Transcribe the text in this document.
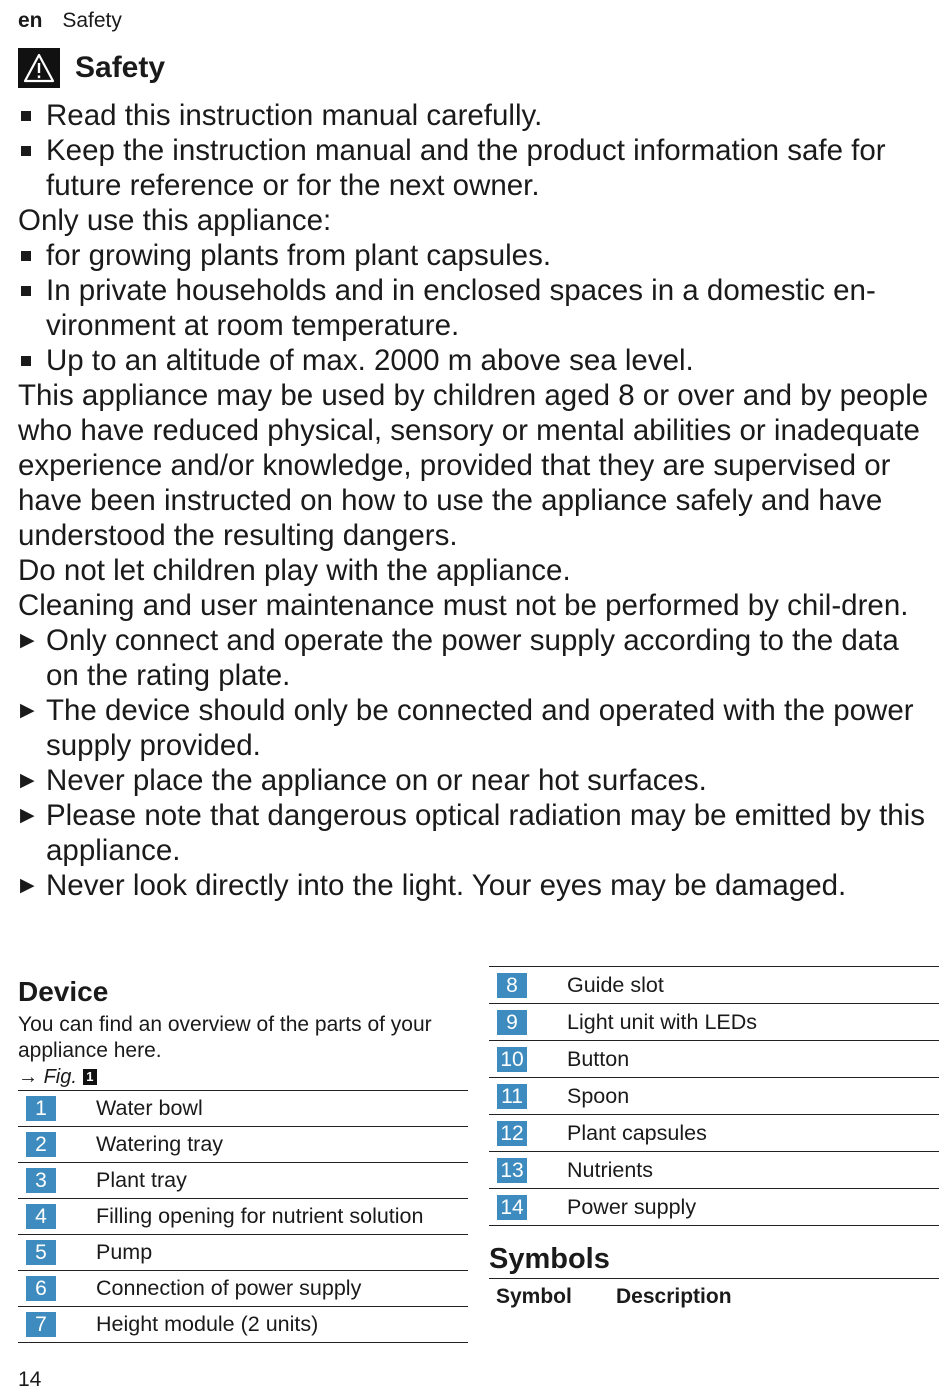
en Safety
Safety
Read this instruction manual carefully.
Keep the instruction manual and the product information safe for future reference or for the next owner.

Only use this appliance:

for growing plants from plant capsules.
In private households and in enclosed spaces in a domestic en-vironment at room temperature.
Up to an altitude of max. 2000 m above sea level.

This appliance may be used by children aged 8 or over and by people who have reduced physical, sensory or mental abilities or inadequate experience and/or knowledge, provided that they are supervised or have been instructed on how to use the appliance safely and have understood the resulting dangers.

Do not let children play with the appliance.

Cleaning and user maintenance must not be performed by chil-dren.

▶ Only connect and operate the power supply according to the data on the rating plate.
▶ The device should only be connected and operated with the power supply provided.
▶ Never place the appliance on or near hot surfaces.
▶ Please note that dangerous optical radiation may be emitted by this appliance.
▶ Never look directly into the light. Your eyes may be damaged.
Device

You can find an overview of the parts of your appliance here.

→
Fig. 1
1	Water bowl
2	Watering tray
3	Plant tray
4	Filling opening for nutrient solution
5	Pump
6	Connection of power supply
7	Height module (2 units)
8	Guide slot
9	Light unit with LEDs
10	Button
11	Spoon
12	Plant capsules
13	Nutrients
14	Power supply
Symbols
Symbol	Description
14
